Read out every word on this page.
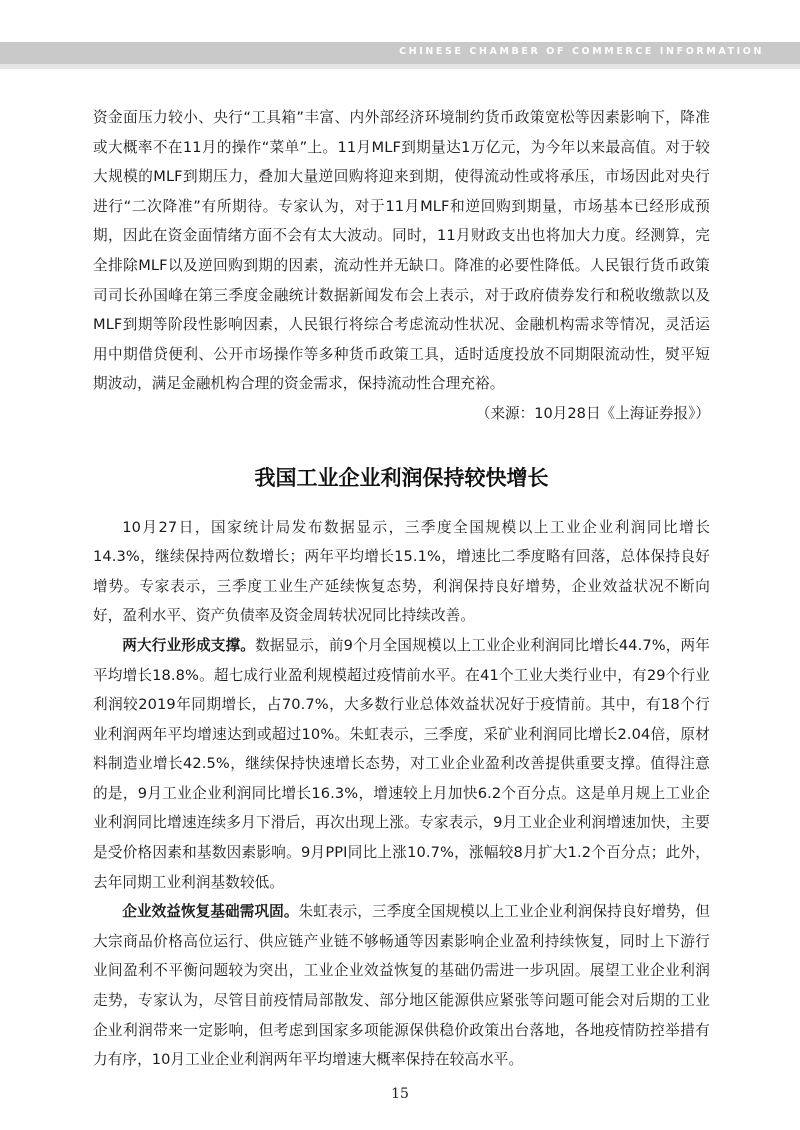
CHINESE CHAMBER OF COMMERCE INFORMATION

资金面压力较小、央行“工具箱”丰富、内外部经济环境制约货币政策宽松等因素影响下，降准或大概率不在11月的操作“菜单”上。11月MLF到期量达1万亿元，为今年以来最高值。对于较大规模的MLF到期压力，叠加大量逆回购将迎来到期，使得流动性或将承压，市场因此对央行进行“二次降准”有所期待。专家认为，对于11月MLF和逆回购到期量，市场基本已经形成预期，因此在资金面情绪方面不会有太大波动。同时，11月财政支出也将加大力度。经测算，完全排除MLF以及逆回购到期的因素，流动性并无缺口。降准的必要性降低。人民银行货币政策司司长孙国峰在第三季度金融统计数据新闻发布会上表示，对于政府债券发行和税收缴款以及MLF到期等阶段性影响因素，人民银行将综合考虑流动性状况、金融机构需求等情况，灵活运用中期借贷便利、公开市场操作等多种货币政策工具，适时适度投放不同期限流动性，熨平短期波动，满足金融机构合理的资金需求，保持流动性合理充裕。

（来源：10月28日《上海证券报》）

我国工业企业利润保持较快增长

10月27日，国家统计局发布数据显示，三季度全国规模以上工业企业利润同比增长14.3%，继续保持两位数增长；两年平均增长15.1%，增速比二季度略有回落，总体保持良好增势。专家表示，三季度工业生产延续恢复态势，利润保持良好增势，企业效益状况不断向好，盈利水平、资产负债率及资金周转状况同比持续改善。

两大行业形成支撑。数据显示，前9个月全国规模以上工业企业利润同比增长44.7%，两年平均增长18.8%。超七成行业盈利规模超过疫情前水平。在41个工业大类行业中，有29个行业利润较2019年同期增长，占70.7%，大多数行业总体效益状况好于疫情前。其中，有18个行业利润两年平均增速达到或超过10%。朱虹表示，三季度，采矿业利润同比增长2.04倍，原材料制造业增长42.5%，继续保持快速增长态势，对工业企业盈利改善提供重要支撑。值得注意的是，9月工业企业利润同比增长16.3%，增速较上月加快6.2个百分点。这是单月规上工业企业利润同比增速连续多月下滑后，再次出现上涨。专家表示，9月工业企业利润增速加快，主要是受价格因素和基数因素影响。9月PPI同比上涨10.7%，涨幅较8月扩大1.2个百分点；此外，去年同期工业利润基数较低。

企业效益恢复基础需巩固。朱虹表示，三季度全国规模以上工业企业利润保持良好增势，但大宗商品价格高位运行、供应链产业链不够畅通等因素影响企业盈利持续恢复，同时上下游行业间盈利不平衡问题较为突出，工业企业效益恢复的基础仍需进一步巩固。展望工业企业利润走势，专家认为，尽管目前疫情局部散发、部分地区能源供应紧张等问题可能会对后期的工业企业利润带来一定影响，但考虑到国家多项能源保供稳价政策出台落地，各地疫情防控举措有力有序，10月工业企业利润两年平均增速大概率保持在较高水平。

15
